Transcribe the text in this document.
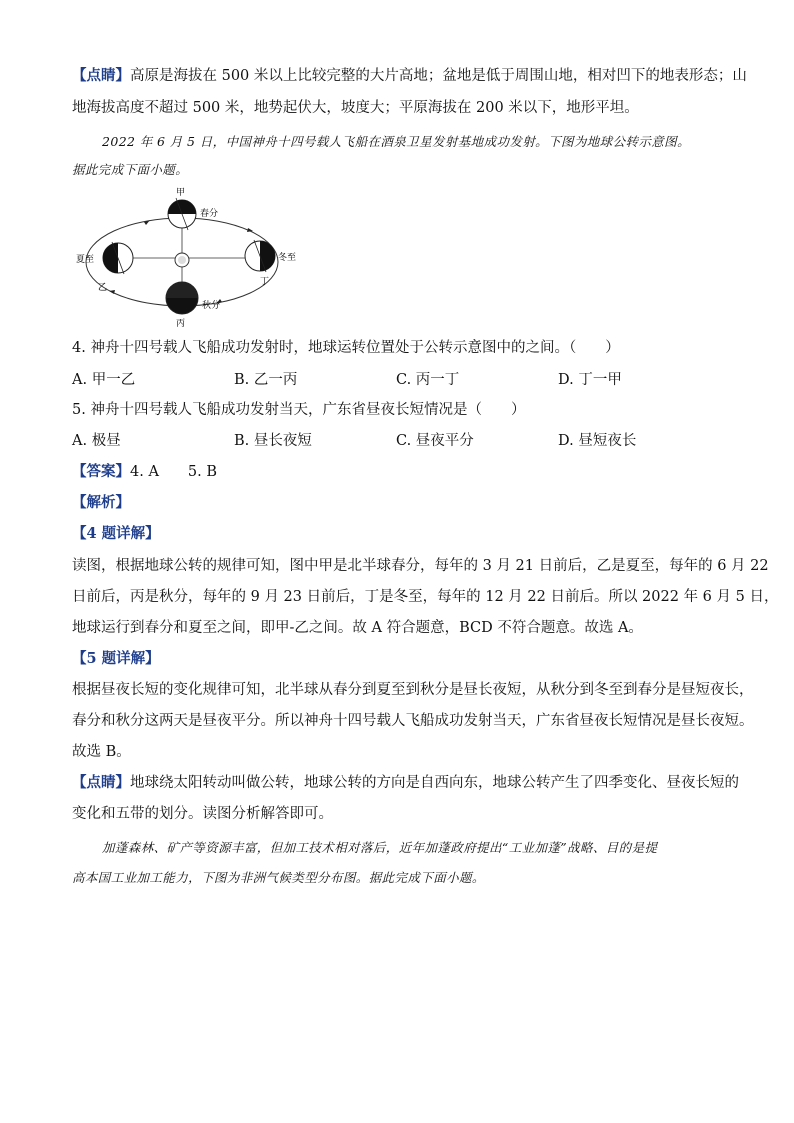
【点睛】高原是海拔在 500 米以上比较完整的大片高地；盆地是低于周围山地，相对凹下的地表形态；山
地海拔高度不超过 500 米，地势起伏大，坡度大；平原海拔在 200 米以下，地形平坦。
2022 年 6 月 5 日，中国神舟十四号载人飞船在酒泉卫星发射基地成功发射。下图为地球公转示意图。
据此完成下面小题。
甲
春分
夏至
乙
冬至
丁
秋分
丙
4. 神舟十四号载人飞船成功发射时，地球运转位置处于公转示意图中的之间。（　　）
A. 甲一乙	B. 乙一丙	C. 丙一丁	D. 丁一甲
5. 神舟十四号载人飞船成功发射当天，广东省昼夜长短情况是（　　）
A. 极昼	B. 昼长夜短	C. 昼夜平分	D. 昼短夜长
【答案】4. A　　5. B
【解析】
【4 题详解】
读图，根据地球公转的规律可知，图中甲是北半球春分，每年的 3 月 21 日前后，乙是夏至，每年的 6 月 22
日前后，丙是秋分，每年的 9 月 23 日前后，丁是冬至，每年的 12 月 22 日前后。所以 2022 年 6 月 5 日，
地球运行到春分和夏至之间，即甲-乙之间。故 A 符合题意，BCD 不符合题意。故选 A。
【5 题详解】
根据昼夜长短的变化规律可知，北半球从春分到夏至到秋分是昼长夜短，从秋分到冬至到春分是昼短夜长，
春分和秋分这两天是昼夜平分。所以神舟十四号载人飞船成功发射当天，广东省昼夜长短情况是昼长夜短。
故选 B。
【点睛】地球绕太阳转动叫做公转，地球公转的方向是自西向东，地球公转产生了四季变化、昼夜长短的
变化和五带的划分。读图分析解答即可。
加蓬森林、矿产等资源丰富，但加工技术相对落后，近年加蓬政府提出“工业加蓬”战略、目的是提
高本国工业加工能力，下图为非洲气候类型分布图。据此完成下面小题。
